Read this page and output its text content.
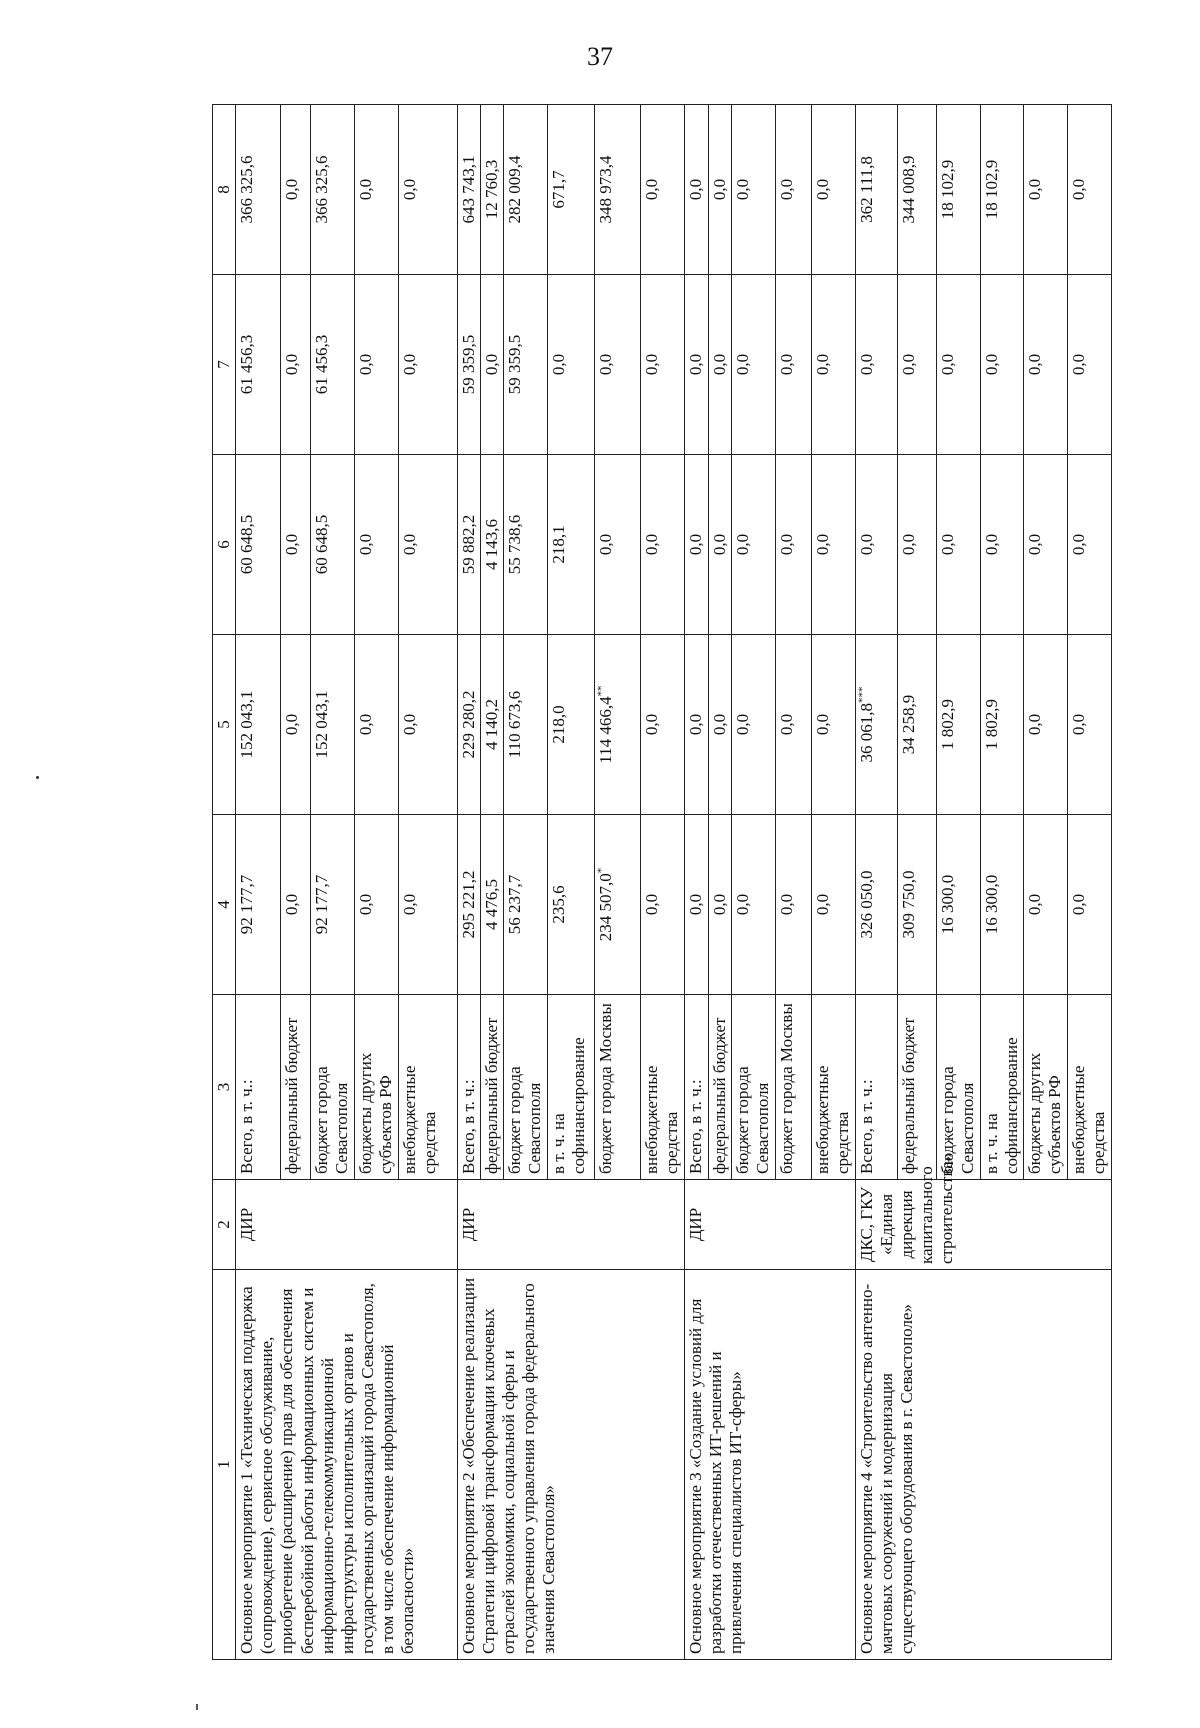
37
1	2	3	4	5	6	7	8
Основное мероприятие 1 «Техническая поддержка (сопровождение), сервисное обслуживание, приобретение (расширение) прав для обеспечения бесперебойной работы информационных систем и информационно-телекоммуникационной инфраструктуры исполнительных органов и государственных организаций города Севастополя, в том числе обеспечение информационной безопасности»	ДИР	Всего, в т. ч.:	92 177,7	152 043,1	60 648,5	61 456,3	366 325,6
		федеральный бюджет	0,0	0,0	0,0	0,0	0,0
		бюджет города Севастополя	92 177,7	152 043,1	60 648,5	61 456,3	366 325,6
		бюджеты других субъектов РФ	0,0	0,0	0,0	0,0	0,0
		внебюджетные средства	0,0	0,0	0,0	0,0	0,0
Основное мероприятие 2 «Обеспечение реализации Стратегии цифровой трансформации ключевых отраслей экономики, социальной сферы и государственного управления города федерального значения Севастополя»	ДИР	Всего, в т. ч.:	295 221,2	229 280,2	59 882,2	59 359,5	643 743,1
		федеральный бюджет	4 476,5	4 140,2	4 143,6	0,0	12 760,3
		бюджет города Севастополя	56 237,7	110 673,6	55 738,6	59 359,5	282 009,4
		в т. ч. на софинансирование	235,6	218,0	218,1	0,0	671,7
		бюджет города Москвы	234 507,0*	114 466,4**	0,0	0,0	348 973,4
		внебюджетные средства	0,0	0,0	0,0	0,0	0,0
Основное мероприятие 3 «Создание условий для разработки отечественных ИТ-решений и привлечения специалистов ИТ-сферы»	ДИР	Всего, в т. ч.:	0,0	0,0	0,0	0,0	0,0
		федеральный бюджет	0,0	0,0	0,0	0,0	0,0
		бюджет города Севастополя	0,0	0,0	0,0	0,0	0,0
		бюджет города Москвы	0,0	0,0	0,0	0,0	0,0
		внебюджетные средства	0,0	0,0	0,0	0,0	0,0
Основное мероприятие 4 «Строительство антенно-мачтовых сооружений и модернизация существующего оборудования в г. Севастополе»	ДКС, ГКУ «Единая дирекция капитального строительства»	Всего, в т. ч.:	326 050,0	36 061,8***	0,0	0,0	362 111,8
		федеральный бюджет	309 750,0	34 258,9	0,0	0,0	344 008,9
		бюджет города Севастополя	16 300,0	1 802,9	0,0	0,0	18 102,9
		в т. ч. на софинансирование	16 300,0	1 802,9	0,0	0,0	18 102,9
		бюджеты других субъектов РФ	0,0	0,0	0,0	0,0	0,0
		внебюджетные средства	0,0	0,0	0,0	0,0	0,0
